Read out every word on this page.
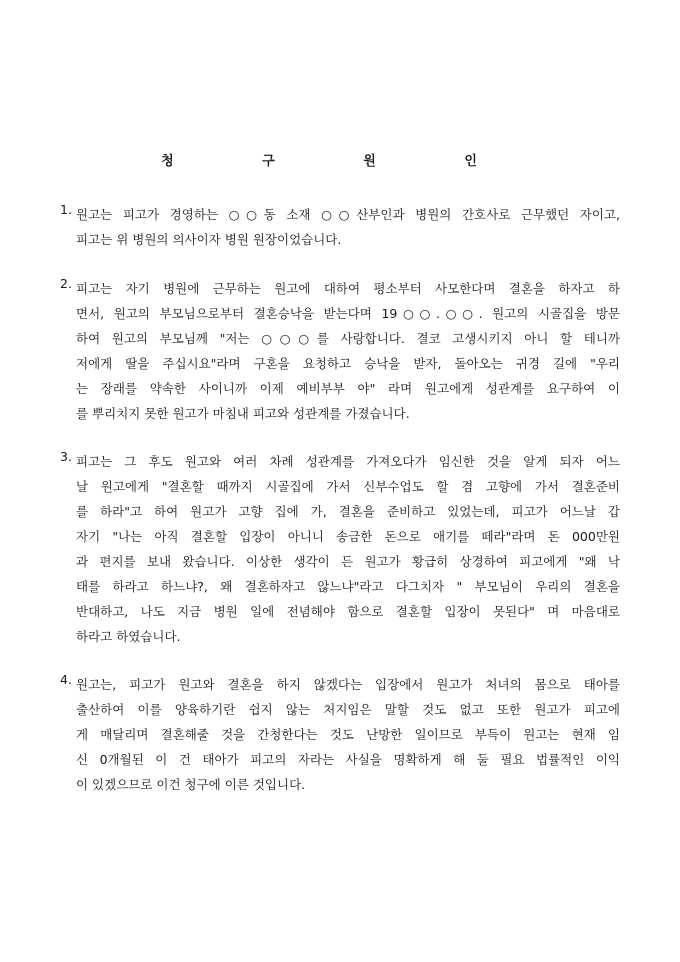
청 구 원 인
1. 원고는 피고가 경영하는 ○○동 소재 ○○산부인과 병원의 간호사로 근무했던 자이고,
피고는 위 병원의 의사이자 병원 원장이었습니다.
2. 피고는 자기 병원에 근무하는 원고에 대하여 평소부터 사모한다며 결혼을 하자고 하
면서, 원고의 부모님으로부터 결혼승낙을 받는다며 19○○.○○. 원고의 시골집을 방문
하여 원고의 부모님께 "저는 ○○○를 사랑합니다. 결코 고생시키지 아니 할 테니까
저에게 딸을 주십시요"라며 구혼을 요청하고 승낙을 받자, 돌아오는 귀경 길에 "우리
는 장래를 약속한 사이니까 이제 예비부부 야" 라며 원고에게 성관계를 요구하여 이
를 뿌리치지 못한 원고가 마침내 피고와 성관계를 가졌습니다.
3. 피고는 그 후도 원고와 여러 차례 성관계를 가져오다가 임신한 것을 알게 되자 어느
날 원고에게 "결혼할 때까지 시골집에 가서 신부수업도 할 겸 고향에 가서 결혼준비
를 하라"고 하여 원고가 고향 집에 가, 결혼을 준비하고 있었는데, 피고가 어느날 갑
자기 "나는 아직 결혼할 입장이 아니니 송금한 돈으로 애기를 떼라"라며 돈 000만원
과 편지를 보내 왔습니다. 이상한 생각이 든 원고가 황급히 상경하여 피고에게 "왜 낙
태를 하라고 하느냐?, 왜 결혼하자고 않느냐"라고 다그치자 " 부모님이 우리의 결혼을
반대하고, 나도 지금 병원 일에 전념해야 함으로 결혼할 입장이 못된다" 며 마음대로
하라고 하였습니다.
4. 원고는, 피고가 원고와 결혼을 하지 않겠다는 입장에서 원고가 처녀의 몸으로 태아를
출산하여 이를 양육하기란 쉽지 않는 처지임은 말할 것도 없고 또한 원고가 피고에
게 매달리며 결혼해줄 것을 간청한다는 것도 난망한 일이므로 부득이 원고는 현재 임
신 0개월된 이 건 태아가 피고의 자라는 사실을 명확하게 해 둘 필요 법률적인 이익
이 있겠으므로 이건 청구에 이른 것입니다.
